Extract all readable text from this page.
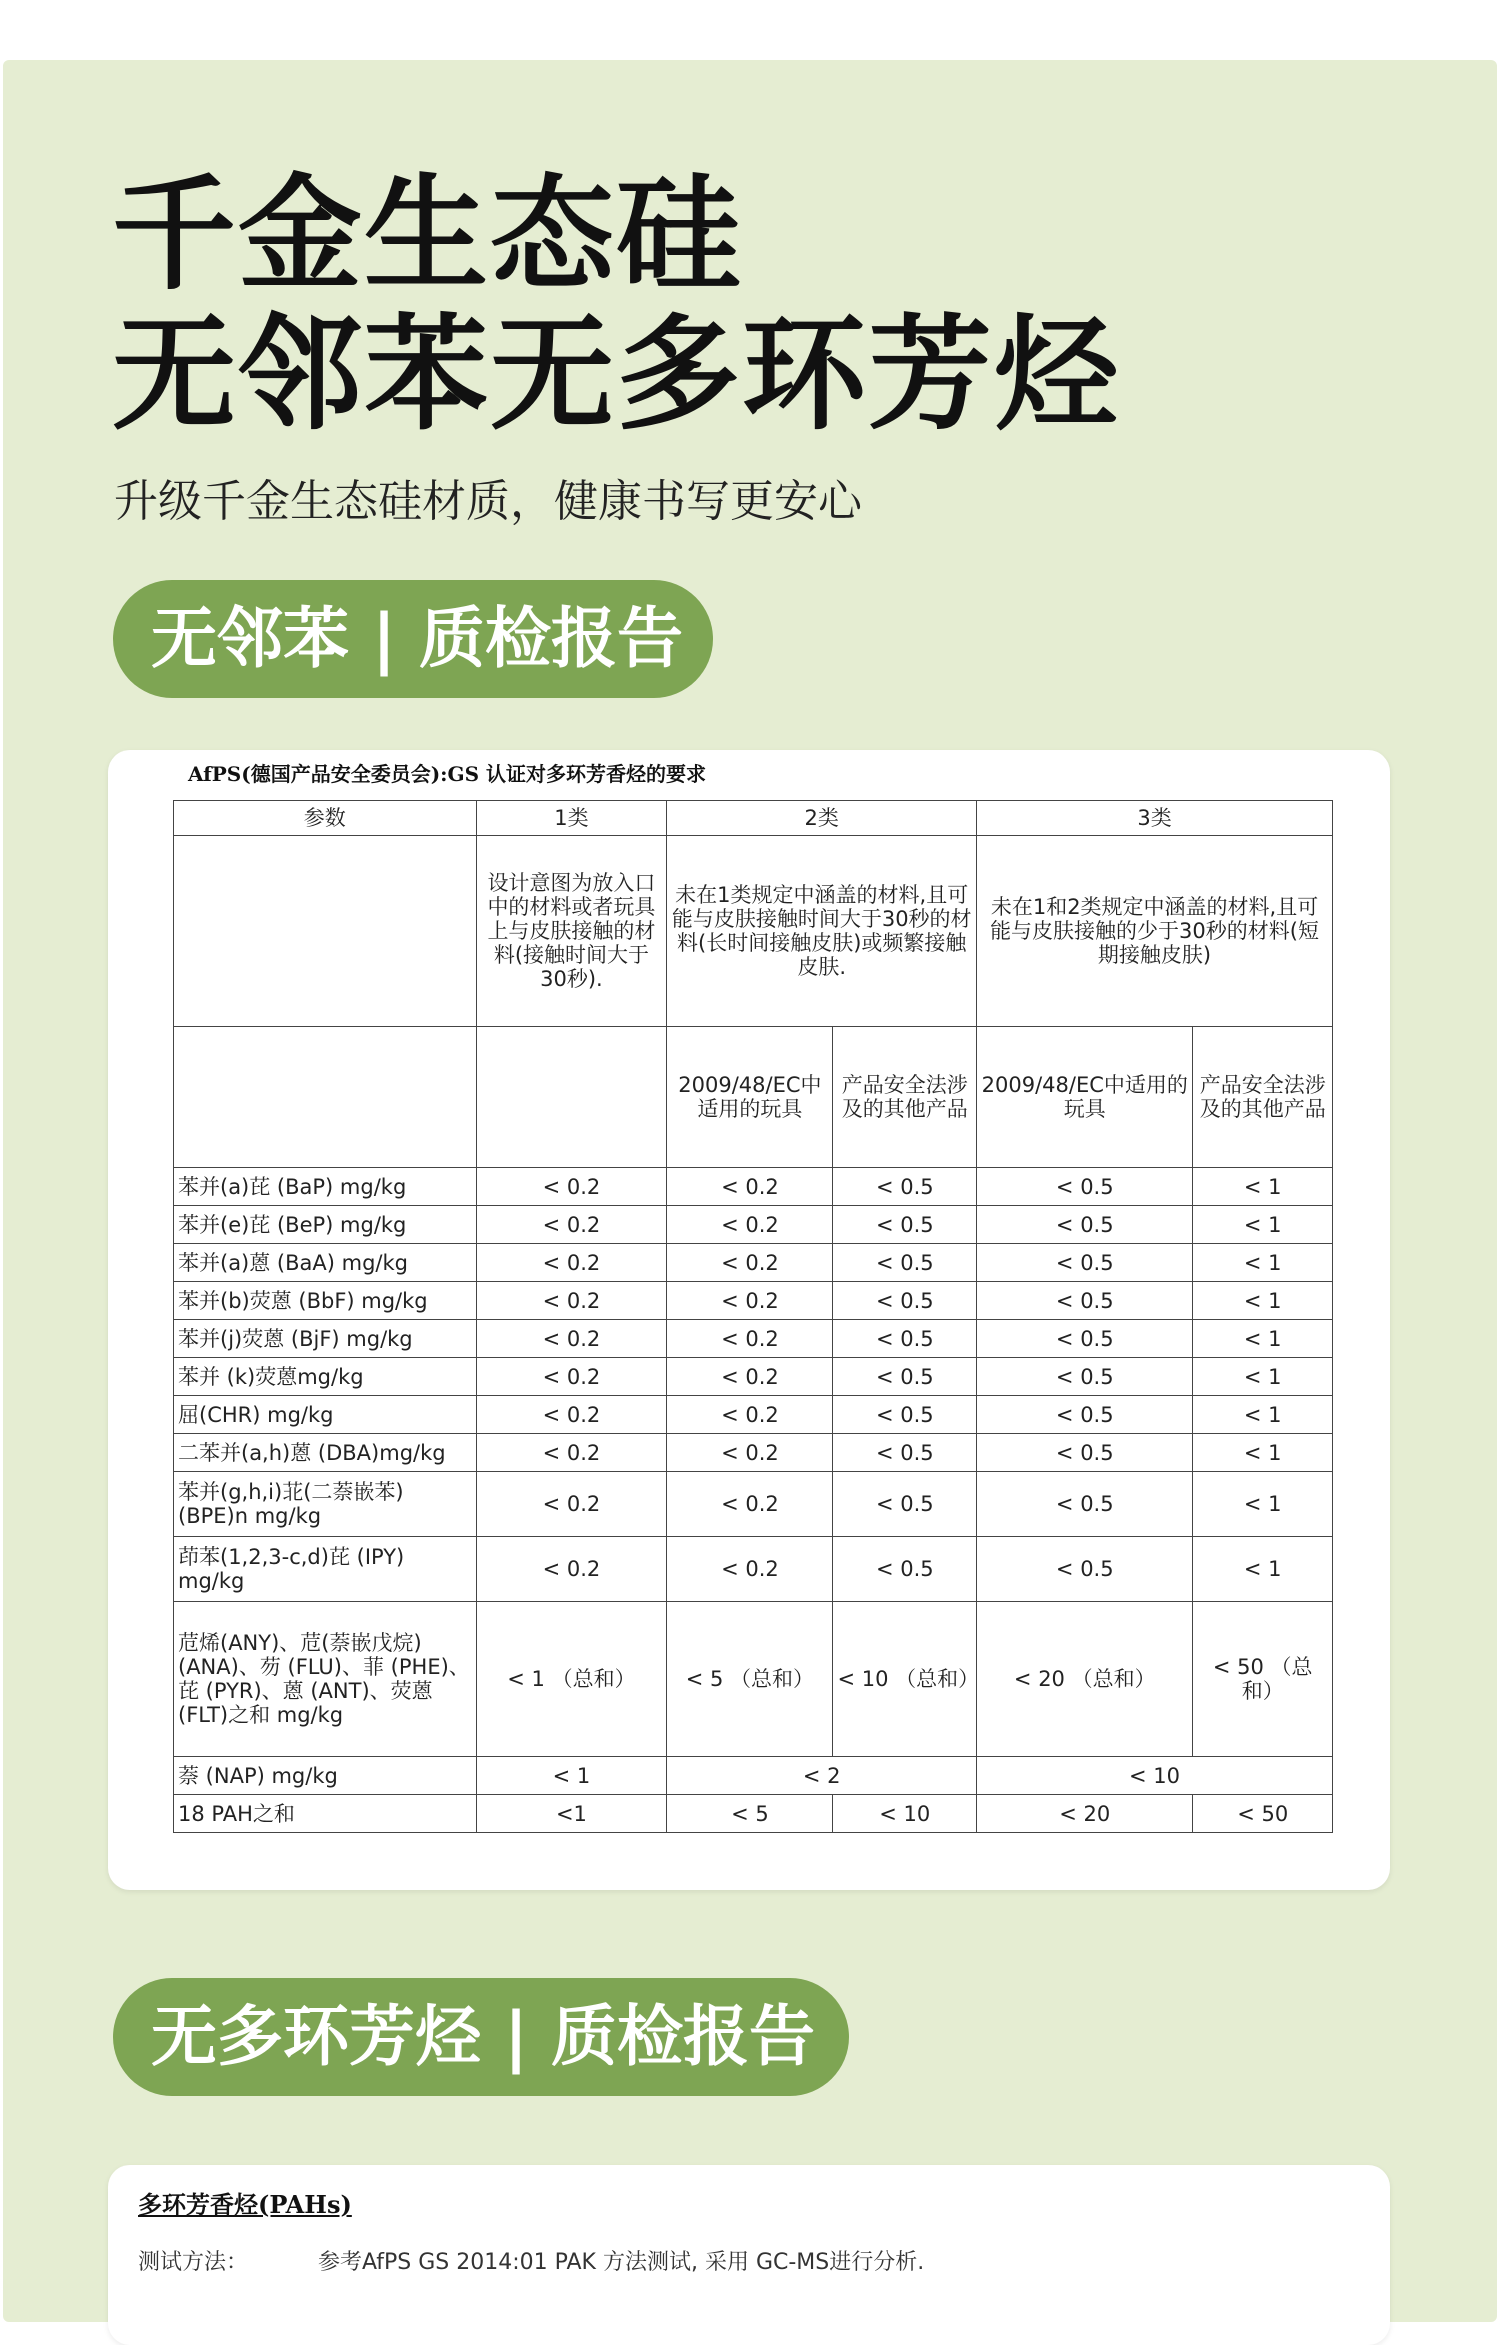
千金生态硅
无邻苯无多环芳烃
升级千金生态硅材质，健康书写更安心
无邻苯 | 质检报告
AfPS(德国产品安全委员会):GS 认证对多环芳香烃的要求
参数	1类	2类		3类	
	设计意图为放入口中的材料或者玩具上与皮肤接触的材料(接触时间大于30秒).	未在1类规定中涵盖的材料,且可能与皮肤接触时间大于30秒的材料(长时间接触皮肤)或频繁接触皮肤.		未在1和2类规定中涵盖的材料,且可能与皮肤接触的少于30秒的材料(短期接触皮肤)	
		2009/48/EC中适用的玩具	产品安全法涉及的其他产品	2009/48/EC中适用的玩具	产品安全法涉及的其他产品
苯并(a)芘 (BaP) mg/kg	< 0.2	< 0.2	< 0.5	< 0.5	< 1
苯并(e)芘 (BeP) mg/kg	< 0.2	< 0.2	< 0.5	< 0.5	< 1
苯并(a)蒽 (BaA) mg/kg	< 0.2	< 0.2	< 0.5	< 0.5	< 1
苯并(b)荧蒽 (BbF) mg/kg	< 0.2	< 0.2	< 0.5	< 0.5	< 1
苯并(j)荧蒽 (BjF) mg/kg	< 0.2	< 0.2	< 0.5	< 0.5	< 1
苯并 (k)荧蒽mg/kg	< 0.2	< 0.2	< 0.5	< 0.5	< 1
屈(CHR) mg/kg	< 0.2	< 0.2	< 0.5	< 0.5	< 1
二苯并(a,h)蒽 (DBA)mg/kg	< 0.2	< 0.2	< 0.5	< 0.5	< 1
苯并(g,h,i)苝(二萘嵌苯) (BPE)n mg/kg	< 0.2	< 0.2	< 0.5	< 0.5	< 1
茚苯(1,2,3-c,d)芘 (IPY) mg/kg	< 0.2	< 0.2	< 0.5	< 0.5	< 1
苊烯(ANY)、苊(萘嵌戊烷) (ANA)、芴 (FLU)、菲 (PHE)、芘 (PYR)、蒽 (ANT)、荧蒽 (FLT)之和 mg/kg	< 1 （总和）	< 5 （总和）	< 10 （总和）	< 20 （总和）	< 50 （总和）
萘 (NAP) mg/kg	< 1	< 2		< 10	
18 PAH之和	<1	< 5	< 10	< 20	< 50
无多环芳烃 | 质检报告
多环芳香烃(PAHs)
测试方法：	参考AfPS GS 2014:01 PAK 方法测试, 采用 GC-MS进行分析.
